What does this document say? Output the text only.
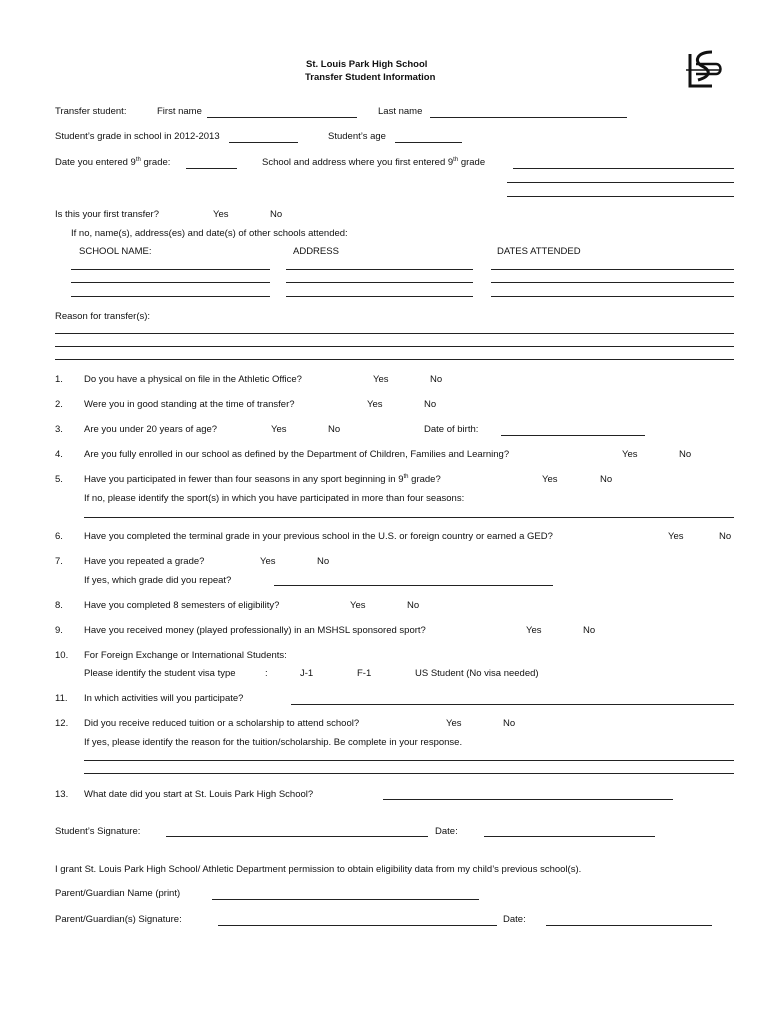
St. Louis Park High School
Transfer Student Information
Transfer student:	First name	Last name
Student’s grade in school in 2012-2013	Student’s age
Date you entered 9th grade:	School and address where you first entered 9th grade
Is this your first transfer?	Yes	No
If no, name(s), address(es) and date(s) of other schools attended:
SCHOOL NAME:	ADDRESS	DATES ATTENDED
Reason for transfer(s):
1. Do you have a physical on file in the Athletic Office?	Yes	No
2. Were you in good standing at the time of transfer?	Yes	No
3. Are you under 20 years of age?	Yes	No	Date of birth:
4. Are you fully enrolled in our school as defined by the Department of Children, Families and Learning?	Yes	No
5. Have you participated in fewer than four seasons in any sport beginning in 9th grade?	Yes	No
If no, please identify the sport(s) in which you have participated in more than four seasons:
6. Have you completed the terminal grade in your previous school in the U.S. or foreign country or earned a GED?	Yes	No
7. Have you repeated a grade?	Yes	No
If yes, which grade did you repeat?
8. Have you completed 8 semesters of eligibility?	Yes	No
9. Have you received money (played professionally) in an MSHSL sponsored sport?	Yes	No
10. For Foreign Exchange or International Students:
Please identify the student visa type	:	J-1	F-1	US Student (No visa needed)
11. In which activities will you participate?
12. Did you receive reduced tuition or a scholarship to attend school?	Yes	No
If yes, please identify the reason for the tuition/scholarship. Be complete in your response.
13. What date did you start at St. Louis Park High School?
Student’s Signature:	Date:
I grant St. Louis Park High School/ Athletic Department permission to obtain eligibility data from my child’s previous school(s).
Parent/Guardian Name (print)
Parent/Guardian(s) Signature:	Date:
